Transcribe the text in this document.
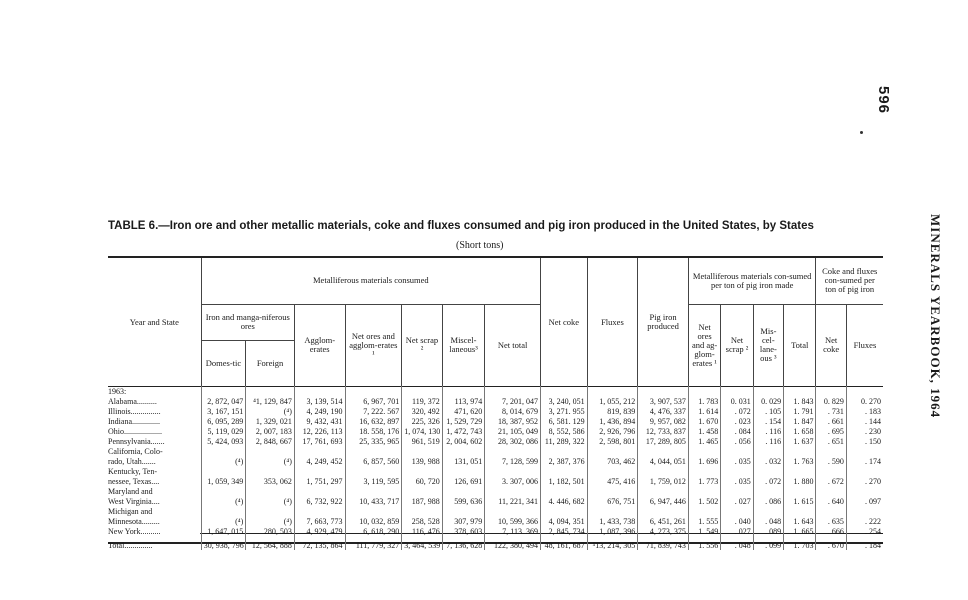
596
MINERALS YEARBOOK, 1964
TABLE 6.—Iron ore and other metallic materials, coke and fluxes consumed and pig iron produced in the United States, by States
(Short tons)
Year and State	Metalliferous materials consumed							Net coke	Fluxes	Pig iron produced	Metalliferous materials con-sumed per ton of pig iron made				Coke and fluxes con-sumed per ton of pig iron	
	Iron and manga-niferous ores		Agglom-erates	Net ores and agglom-erates ¹	Net scrap ²	Miscel-laneous³	Net total				Net ores and ag-glom-erates ¹	Net scrap ²	Mis-cel-lane-ous ³	Total	Net coke	Fluxes
	Domes-tic	Foreign														
1963:																
Alabama..........	2, 872, 047	⁴1, 129, 847	3, 139, 514	6, 967, 701	119, 372	113, 974	7, 201, 047	3, 240, 051	1, 055, 212	3, 907, 537	1. 783	0. 031	0. 029	1. 843	0. 829	0. 270
Illinois...............	3, 167, 151	(⁴)	4, 249, 190	7, 222. 567	320, 492	471, 620	8, 014, 679	3, 271. 955	819, 839	4, 476, 337	1. 614	. 072	. 105	1. 791	. 731	. 183
Indiana..............	6, 095, 289	1, 329, 021	9, 432, 431	16, 632, 897	225, 326	1, 529, 729	18, 387, 952	6, 581. 129	1, 436, 894	9, 957, 082	1. 670	. 023	. 154	1. 847	. 661	. 144
Ohio...................	5, 119, 029	2, 007, 183	12, 226, 113	18. 558, 176	1, 074, 130	1, 472, 743	21, 105, 049	8, 552, 586	2, 926, 796	12, 733, 837	1. 458	. 084	. 116	1. 658	. 695	. 230
Pennsylvania.......	5, 424, 093	2, 848, 667	17, 761, 693	25, 335, 965	961, 519	2, 004, 602	28, 302, 086	11, 289, 322	2, 598, 801	17, 289, 805	1. 465	. 056	. 116	1. 637	. 651	. 150
California, Colo-																
rado, Utah.......	(⁴)	(⁴)	4, 249, 452	6, 857, 560	139, 988	131, 051	7, 128, 599	2, 387, 376	703, 462	4, 044, 051	1. 696	. 035	. 032	1. 763	. 590	. 174
Kentucky, Ten-																
nessee, Texas....	1, 059, 349	353, 062	1, 751, 297	3, 119, 595	60, 720	126, 691	3. 307, 006	1, 182, 501	475, 416	1, 759, 012	1. 773	. 035	. 072	1. 880	. 672	. 270
Maryland and																
West Virginia....	(⁴)	(⁴)	6, 732, 922	10, 433, 717	187, 988	599, 636	11, 221, 341	4. 446, 682	676, 751	6, 947, 446	1. 502	. 027	. 086	1. 615	. 640	. 097
Michigan and																
Minnesota.........	(⁴)	(⁴)	7, 663, 773	10, 032, 859	258, 528	307, 979	10, 599, 366	4, 094, 351	1, 433, 738	6, 451, 261	1. 555	. 040	. 048	1. 643	. 635	. 222
New York..........	1, 647, 015	280, 503	4, 929, 479	6, 618, 290	116, 476	378, 603	7, 113. 369	2, 845, 734	1, 087, 396	4, 273, 375	1. 549	. 027	. 089	1. 665	. 666	. 254
Total..............	30, 938, 796	12, 564, 888	72, 135, 864	111, 779, 327	3, 464, 539	7, 136, 628	122, 380, 494	48, 161, 687	⁵13, 214, 305	71, 839, 743	1. 556	. 048	. 099	1. 703	. 670	. 184
